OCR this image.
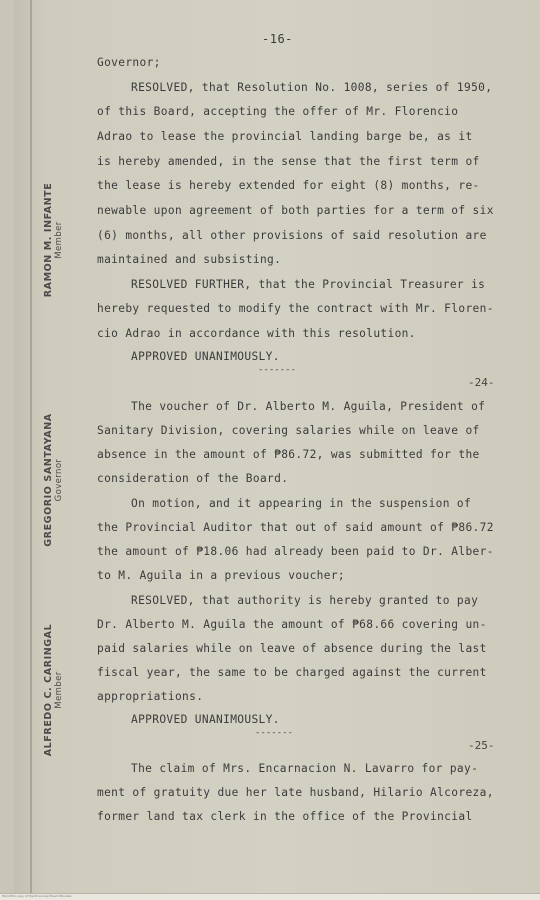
-16-
Governor;
RESOLVED, that Resolution No. 1008, series of 1950,
of this Board, accepting the offer of Mr. Florencio
Adrao to lease the provincial landing barge be, as it
is hereby amended, in the sense that the first term of
the lease is hereby extended for eight (8) months, re-
newable upon agreement of both parties for a term of six
(6) months, all other provisions of said resolution are
maintained and subsisting.
RESOLVED FURTHER, that the Provincial Treasurer is
hereby requested to modify the contract with Mr. Floren-
cio Adrao in accordance with this resolution.
APPROVED UNANIMOUSLY.
-------
-24-
The voucher of Dr. Alberto M. Aguila, President of
Sanitary Division, covering salaries while on leave of
absence in the amount of ₱86.72, was submitted for the
consideration of the Board.
On motion, and it appearing in the suspension of
the Provincial Auditor that out of said amount of ₱86.72
the amount of ₱18.06 had already been paid to Dr. Alber-
to M. Aguila in a previous voucher;
RESOLVED, that authority is hereby granted to pay
Dr. Alberto M. Aguila the amount of ₱68.66 covering un-
paid salaries while on leave of absence during the last
fiscal year, the same to be charged against the current
appropriations.
APPROVED UNANIMOUSLY.
-------
-25-
The claim of Mrs. Encarnacion N. Lavarro for pay-
ment of gratuity due her late husband, Hilario Alcoreza,
former land tax clerk in the office of the Provincial
RAMON M. INFANTE Member
GREGORIO SANTAYANA Governor
ALFREDO C. CARINGAL Member
Microfilm copy of the Provincial Board Minutes
